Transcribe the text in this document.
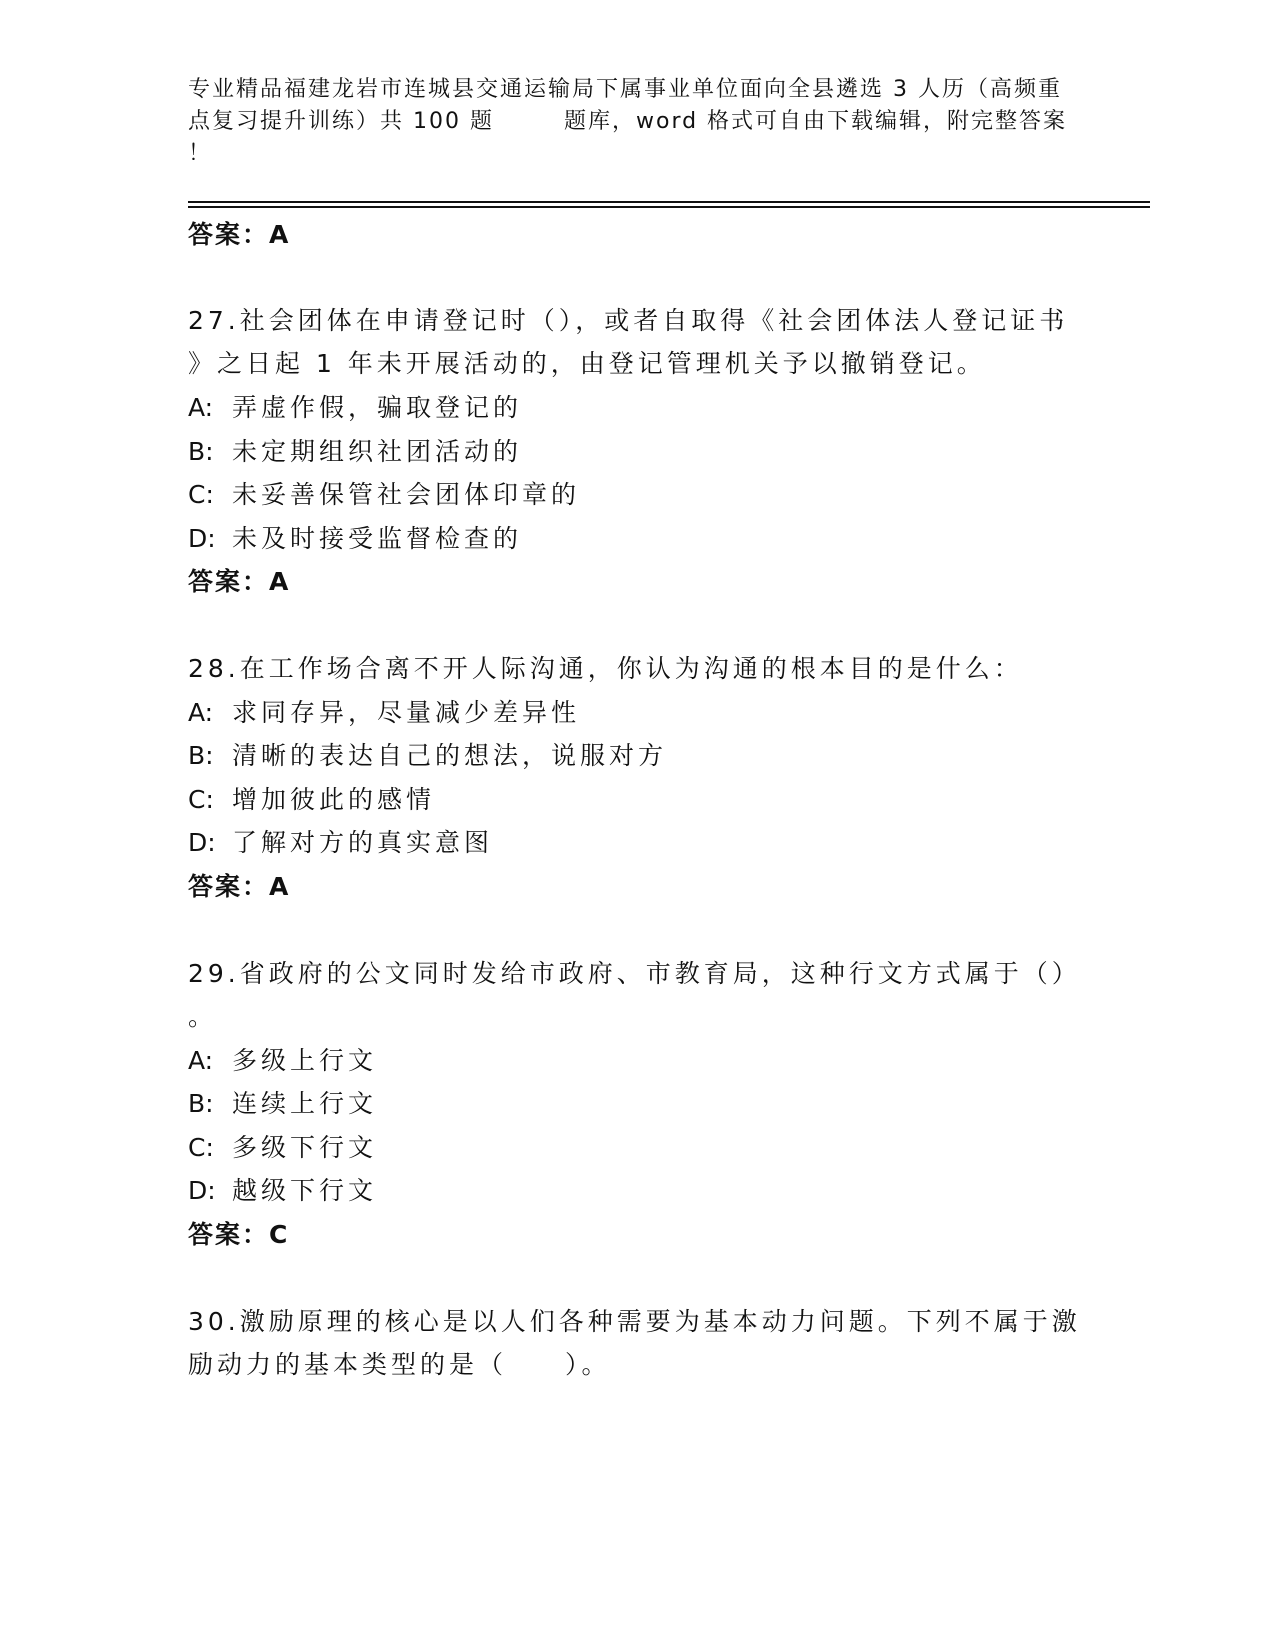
专业精品福建龙岩市连城县交通运输局下属事业单位面向全县遴选 3 人历（高频重
点复习提升训练）共 100 题	题库，word 格式可自由下载编辑，附完整答案
！
答案：A
27.社会团体在申请登记时（），或者自取得《社会团体法人登记证书
》之日起 1 年未开展活动的，由登记管理机关予以撤销登记。
A: 弄虚作假，骗取登记的
B: 未定期组织社团活动的
C: 未妥善保管社会团体印章的
D: 未及时接受监督检查的
答案：A
28.在工作场合离不开人际沟通，你认为沟通的根本目的是什么：
A: 求同存异，尽量减少差异性
B: 清晰的表达自己的想法，说服对方
C: 增加彼此的感情
D: 了解对方的真实意图
答案：A
29.省政府的公文同时发给市政府、市教育局，这种行文方式属于（）
。
A: 多级上行文
B: 连续上行文
C: 多级下行文
D: 越级下行文
答案：C
30.激励原理的核心是以人们各种需要为基本动力问题。下列不属于激
励动力的基本类型的是（　　）。
